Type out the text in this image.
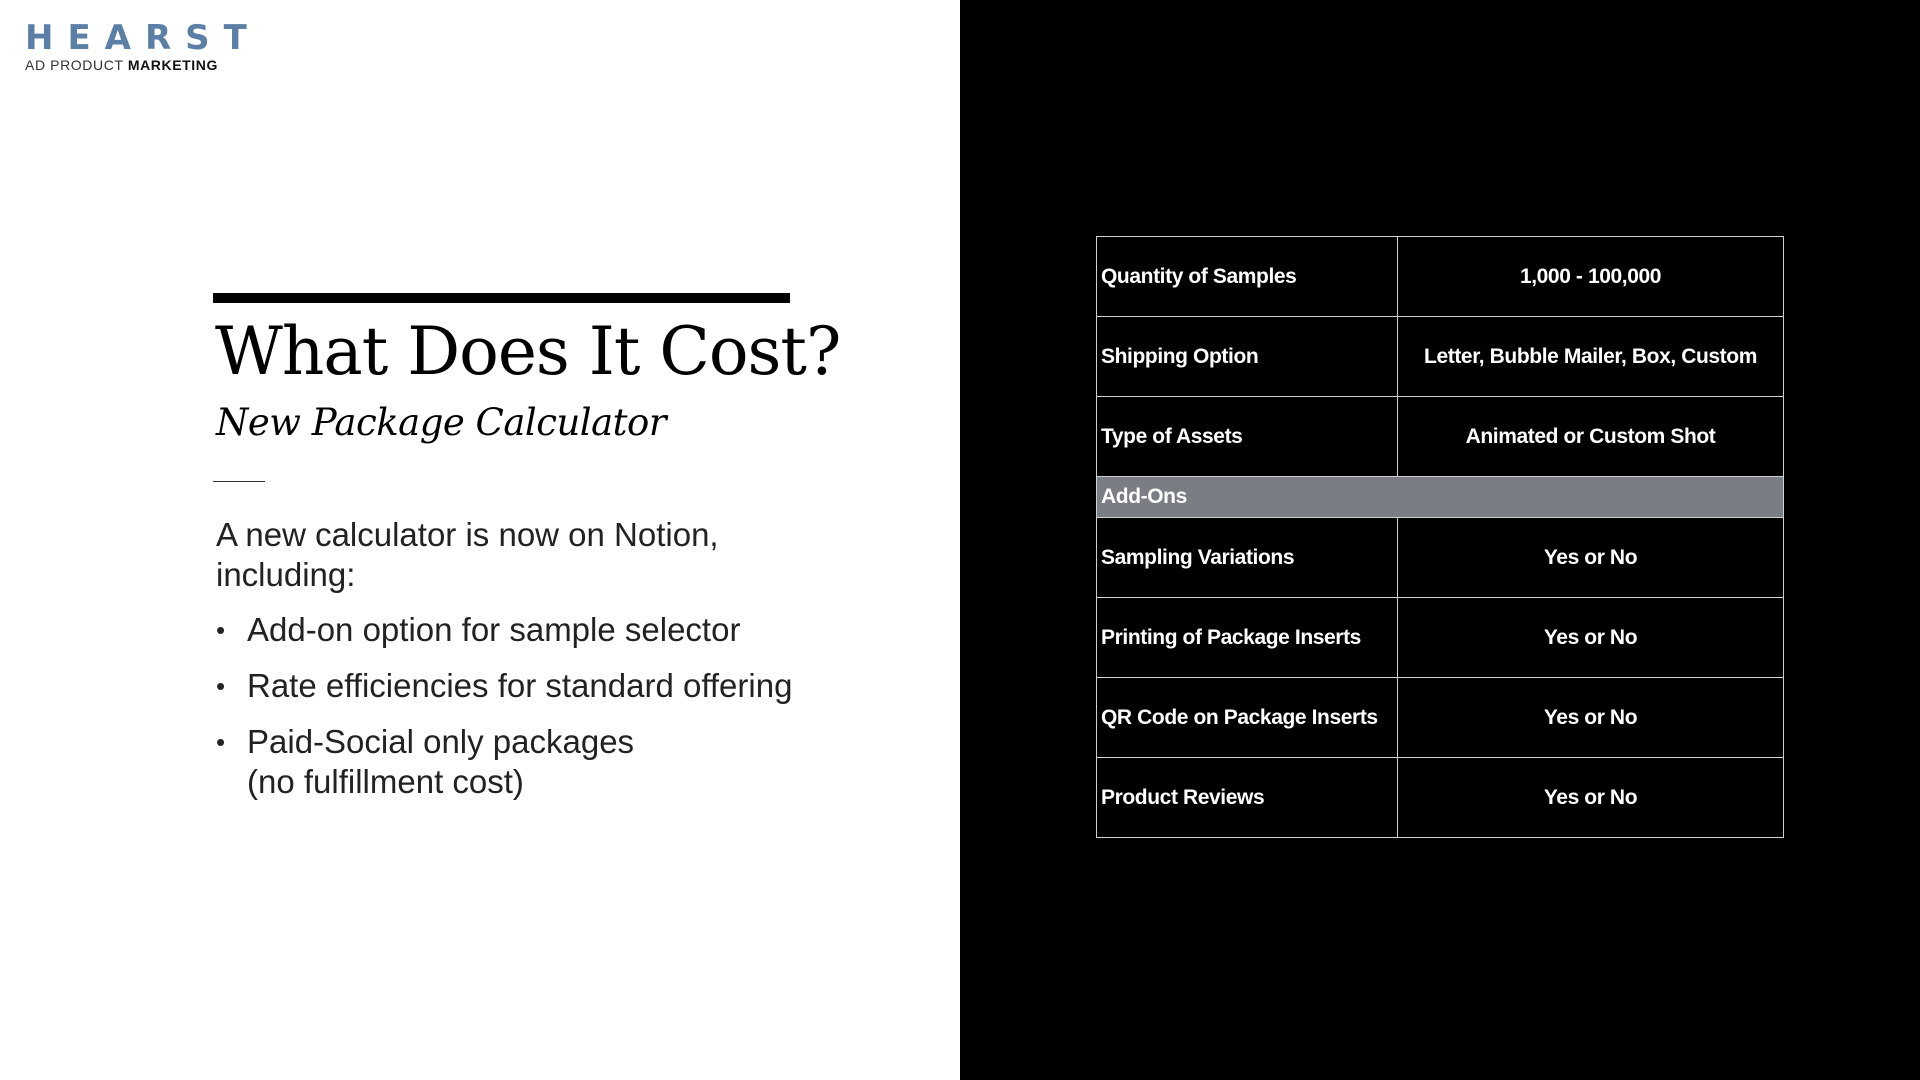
HEARST
AD PRODUCT MARKETING
What Does It Cost?
New Package Calculator
A new calculator is now on Notion, including:
• Add-on option for sample selector
• Rate efficiencies for standard offering
• Paid-Social only packages
(no fulfillment cost)
Quantity of Samples	1,000 - 100,000
Shipping Option	Letter, Bubble Mailer, Box, Custom
Type of Assets	Animated or Custom Shot
Add-Ons	
Sampling Variations	Yes or No
Printing of Package Inserts	Yes or No
QR Code on Package Inserts	Yes or No
Product Reviews	Yes or No
